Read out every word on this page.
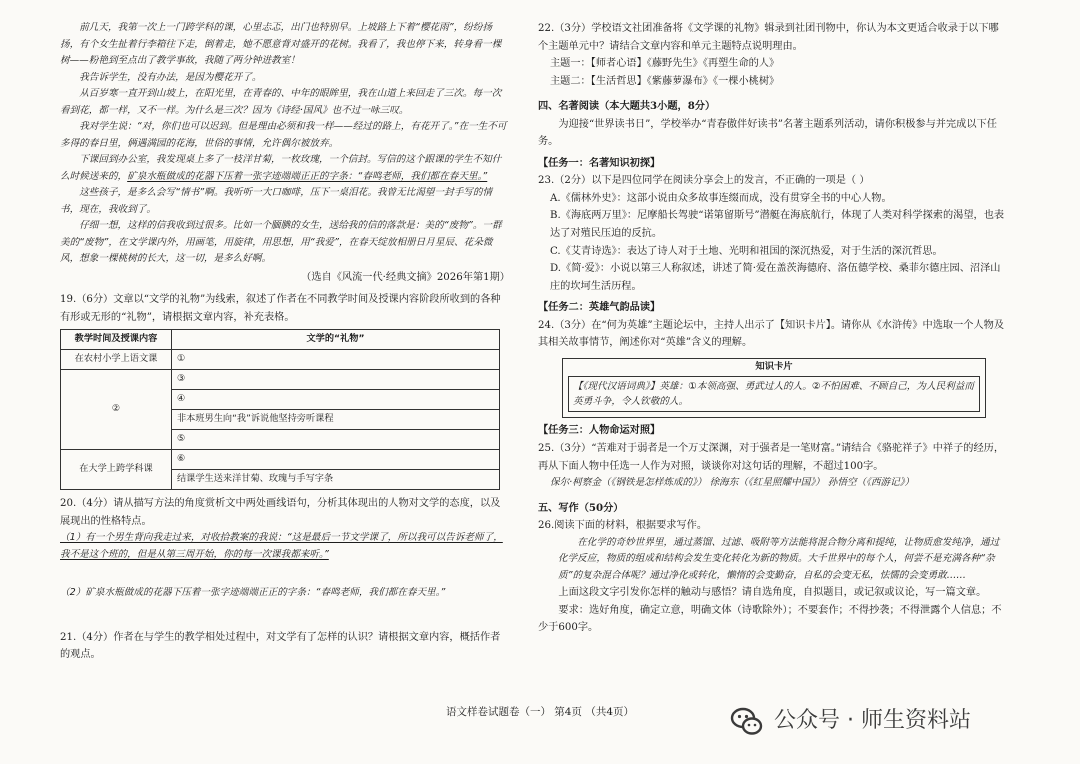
前几天，我第一次上一门跨学科的课，心里忐忑，出门也特别早。上坡路上下着“樱花雨”，纷纷扬扬，有个女生扯着行李箱往下走，倒着走，她不愿意背对盛开的花树。我看了，我也停下来，转身看一棵树——粉艳到至点出了教学事故，我随了两分钟进教室！

我告诉学生，没有办法，是因为樱花开了。

从百岁寒一直开到山坡上，在阳光里，在青春的、中年的眼眸里，我在山道上来回走了三次。每一次看到花，都一样，又不一样。为什么是三次？因为《诗经·国风》也不过一咏三叹。

我对学生说：“对，你们也可以迟到。但是理由必须和我一样——经过的路上，有花开了。”在一生不可多得的春日里，俩遇满园的花海，世俗的事情，允许偶尔被放弃。

下课回到办公室，我发现桌上多了一枝洋甘菊，一枚玫瑰，一个信封。写信的这个跟课的学生不知什么时候送来的，矿泉水瓶做成的花器下压着一张字迹端端正正的字条：“春鸣老师，我们都在春天里。”

这些孩子，是多么会写“情书”啊。我听听一大口咖啡，压下一桌泪花。我曾无比渴望一封手写的情书，现在，我收到了。

仔细一想，这样的信我收到过很多。比如一个腼腆的女生，送给我的信的落款是：美的“废物”。一群美的“废物”，在文学课内外，用画笔，用旋律，用思想，用“我爱”，在春天绽放相册日月星辰、花朵微风，想象一棵桃树的长大，这一切，是多么好啊。

（选自《风流一代·经典文摘》2026年第1期）

19.（6分）文章以“文学的礼物”为线索，叙述了作者在不同教学时间及授课内容阶段所收到的各种有形或无形的“礼物”，请根据文章内容，补充表格。

教学时间及授课内容	文学的“礼物”
在农村小学上语文课	①
②	③
	④
	非本班男生向“我”诉说他坚持旁听课程
	⑤
在大学上跨学科课	⑥
	结课学生送来洋甘菊、玫瑰与手写字条

20.（4分）请从描写方法的角度赏析文中两处画线语句，分析其体现出的人物对文学的态度，以及展现出的性格特点。

（1）有一个男生背向我走过来，对收拾教案的我说：“这是最后一节文学课了，所以我可以告诉老师了，我不是这个班的，但是从第三周开始，你的每一次课我都来听。”

（2）矿泉水瓶做成的花器下压着一张字迹端端正正的字条：“春鸣老师，我们都在春天里。”

21.（4分）作者在与学生的教学相处过程中，对文学有了怎样的认识？请根据文章内容，概括作者的观点。

22.（3分）学校语文社团准备将《文学课的礼物》辑录到社团刊物中，你认为本文更适合收录于以下哪个主题单元中？请结合文章内容和单元主题特点说明理由。

主题一：【师者心语】《藤野先生》《再塑生命的人》

主题二：【生活哲思】《紫藤萝瀑布》《一棵小桃树》

四、名著阅读（本大题共3小题，8分）

为迎接“世界读书日”，学校举办“青春傲伴好读书”名著主题系列活动，请你积极参与并完成以下任务。

【任务一：名著知识初探】

23.（2分）以下是四位同学在阅读分享会上的发言，不正确的一项是（ ）

A.《儒林外史》：这部小说由众多故事连缀而成，没有贯穿全书的中心人物。

B.《海底两万里》：尼摩船长驾驶“诺第留斯号”潜艇在海底航行，体现了人类对科学探索的渴望，也表达了对殖民压迫的反抗。

C.《艾青诗选》：表达了诗人对于土地、光明和祖国的深沉热爱，对于生活的深沉哲思。

D.《简·爱》：小说以第三人称叙述，讲述了简·爱在盖茨海德府、洛伍德学校、桑菲尔德庄园、沼泽山庄的坎坷生活历程。

【任务二：英雄气韵品读】

24.（3分）在“何为英雄”主题论坛中，主持人出示了【知识卡片】。请你从《水浒传》中选取一个人物及其相关故事情节，阐述你对“英雄”含义的理解。

知识卡片
【《现代汉语词典》】英雄：①本领高强、勇武过人的人。②不怕困难、不顾自己，为人民利益而英勇斗争，令人钦敬的人。

【任务三：人物命运对照】

25.（3分）“苦难对于弱者是一个万丈深渊，对于强者是一笔财富。”请结合《骆驼祥子》中祥子的经历，再从下面人物中任选一人作为对照，谈谈你对这句话的理解，不超过100字。

保尔·柯察金（《钢铁是怎样炼成的》） 徐海东（《红星照耀中国》） 孙悟空（《西游记》）

五、写作（50分）

26.阅读下面的材料，根据要求写作。

在化学的奇妙世界里，通过蒸馏、过滤、吸附等方法能将混合物分离和提纯，让物质愈发纯净，通过化学反应，物质的组成和结构会发生变化转化为新的物质。大千世界中的每个人，何尝不是充满各种“杂质”的复杂混合体呢？通过净化或转化，懒惰的会变勤奋，自私的会变无私，怯懦的会变勇敢……

上面这段文字引发你怎样的触动与感悟？请自选角度，自拟题目，或记叙或议论，写一篇文章。

要求：选好角度，确定立意，明确文体（诗歌除外）；不要套作；不得抄袭；不得泄露个人信息；不少于600字。

语文样卷试题卷（一） 第4页 （共4页）	公众号 · 师生资料站
